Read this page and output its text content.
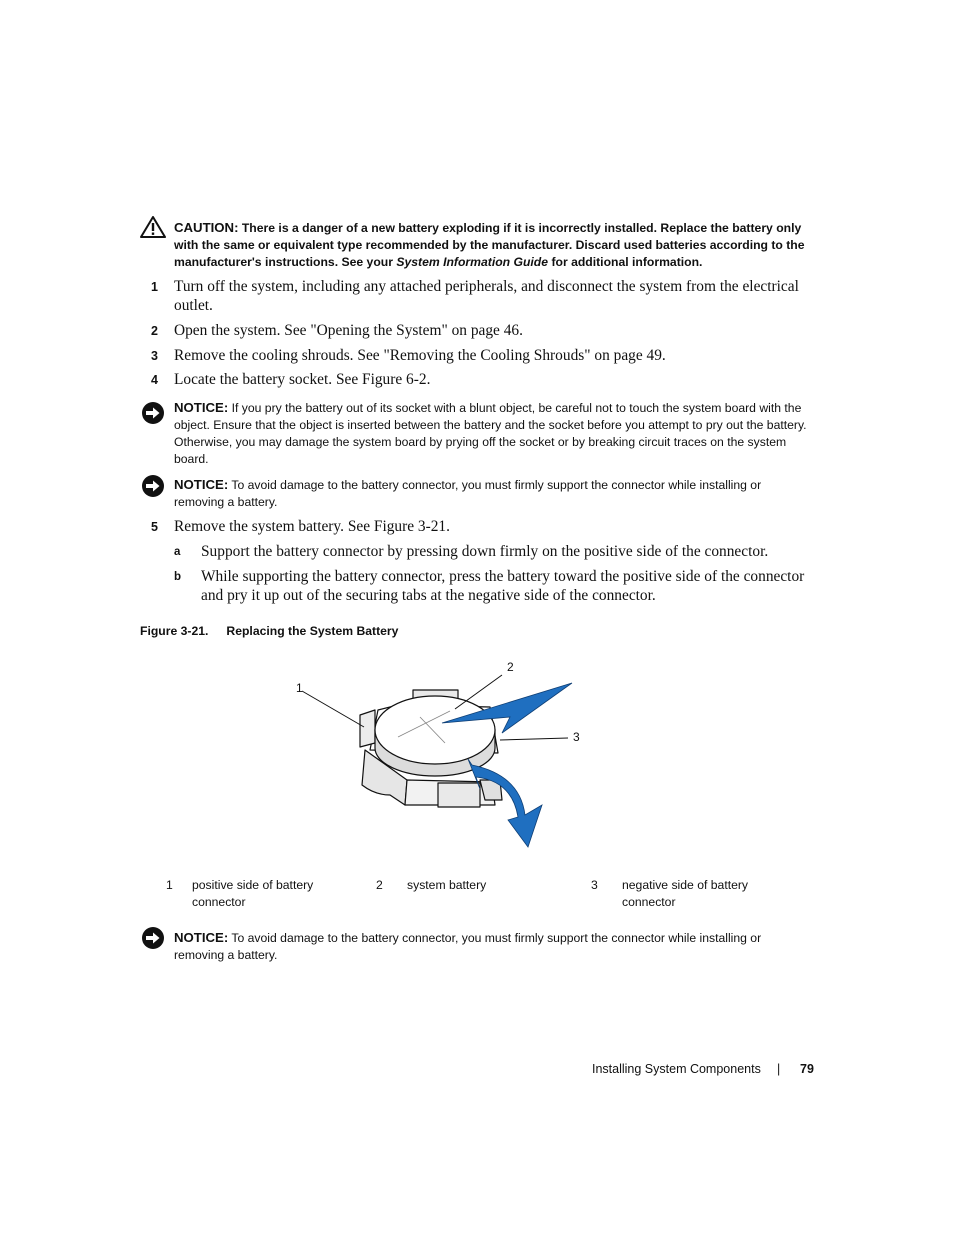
CAUTION: There is a danger of a new battery exploding if it is incorrectly installed. Replace the battery only with the same or equivalent type recommended by the manufacturer. Discard used batteries according to the manufacturer's instructions. See your System Information Guide for additional information.
1 Turn off the system, including any attached peripherals, and disconnect the system from the electrical outlet.
2 Open the system. See "Opening the System" on page 46.
3 Remove the cooling shrouds. See "Removing the Cooling Shrouds" on page 49.
4 Locate the battery socket. See Figure 6-2.
NOTICE: If you pry the battery out of its socket with a blunt object, be careful not to touch the system board with the object. Ensure that the object is inserted between the battery and the socket before you attempt to pry out the battery. Otherwise, you may damage the system board by prying off the socket or by breaking circuit traces on the system board.
NOTICE: To avoid damage to the battery connector, you must firmly support the connector while installing or removing a battery.
5 Remove the system battery. See Figure 3-21.
a Support the battery connector by pressing down firmly on the positive side of the connector.
b While supporting the battery connector, press the battery toward the positive side of the connector and pry it up out of the securing tabs at the negative side of the connector.
Figure 3-21. Replacing the System Battery
1
2
3
1 positive side of battery connector
2 system battery	3 negative side of battery connector
NOTICE: To avoid damage to the battery connector, you must firmly support the connector while installing or removing a battery.
Installing System Components | 79
